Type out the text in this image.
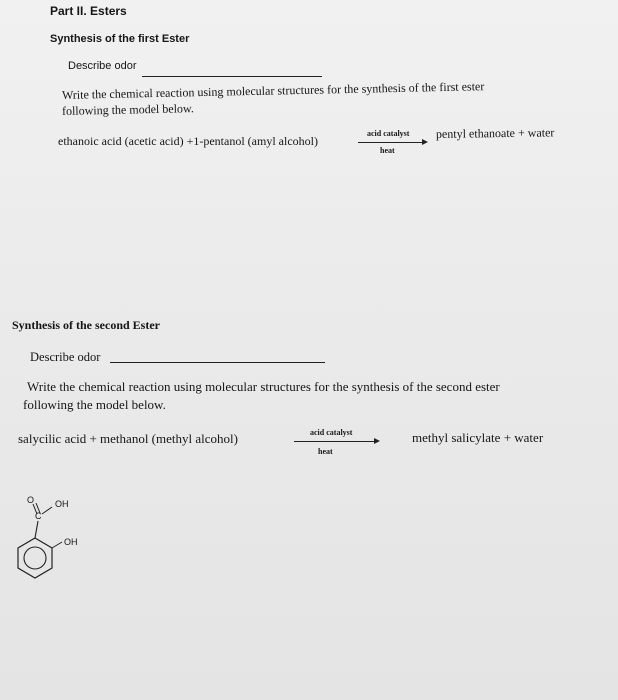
Part II. Esters
Synthesis of the first Ester
Describe odor
Write the chemical reaction using molecular structures for the synthesis of the first ester
following the model below.
ethanoic acid (acetic acid) +1-pentanol (amyl alcohol)
acid catalyst
heat
pentyl ethanoate + water
Synthesis of the second Ester
Describe odor
Write the chemical reaction using molecular structures for the synthesis of the second ester
following the model below.
salycilic acid + methanol (methyl alcohol)	acid catalyst
heat
methyl salicylate + water
O OH
C
OH
